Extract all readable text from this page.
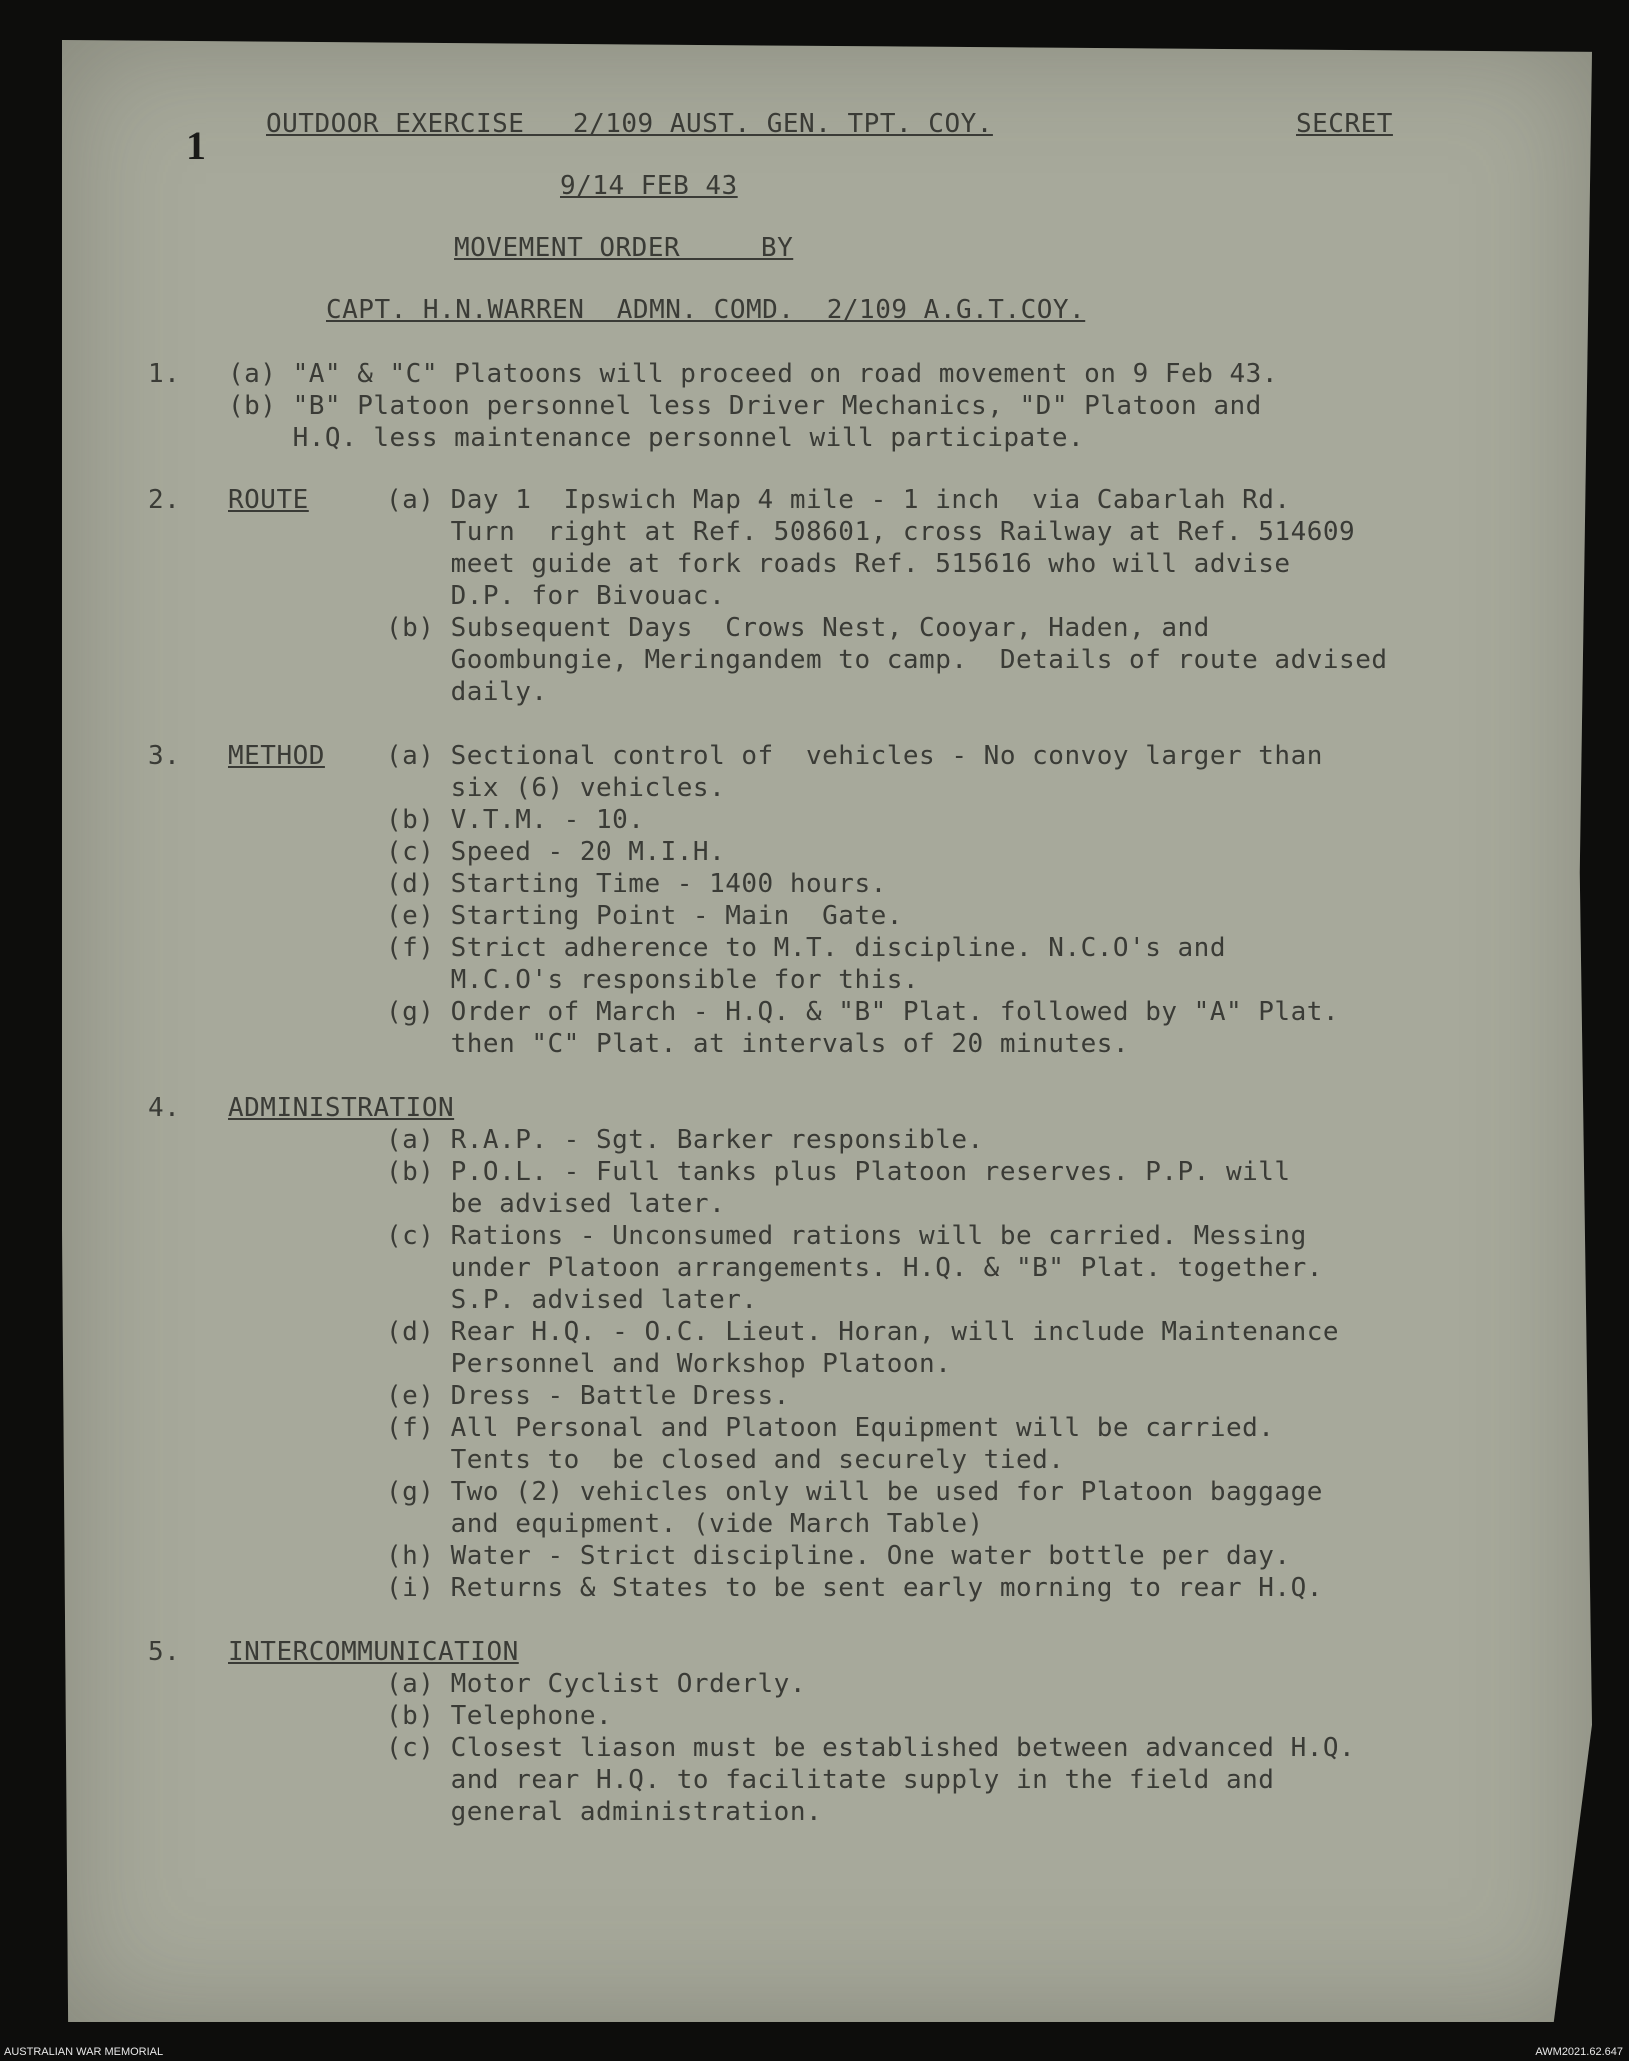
1 OUTDOOR EXERCISE   2/109 AUST. GEN. TPT. COY.	SECRET
9/14 FEB 43
MOVEMENT ORDER     BY
CAPT. H.N.WARREN  ADMN. COMD.  2/109 A.G.T.COY.
1. (a) "A" & "C" Platoons will proceed on road movement on 9 Feb 43.
(b) "B" Platoon personnel less Driver Mechanics, "D" Platoon and
H.Q. less maintenance personnel will participate.
2. ROUTE	(a) Day 1  Ipswich Map 4 mile - 1 inch  via Cabarlah Rd.
Turn  right at Ref. 508601, cross Railway at Ref. 514609
meet guide at fork roads Ref. 515616 who will advise
D.P. for Bivouac.
(b) Subsequent Days  Crows Nest, Cooyar, Haden, and
Goombungie, Meringandem to camp.  Details of route advised
daily.
3. METHOD (a) Sectional control of  vehicles - No convoy larger than
six (6) vehicles.
(b) V.T.M. - 10.
(c) Speed - 20 M.I.H.
(d) Starting Time - 1400 hours.
(e) Starting Point - Main  Gate.
(f) Strict adherence to M.T. discipline. N.C.O's and
M.C.O's responsible for this.
(g) Order of March - H.Q. & "B" Plat. followed by "A" Plat.
then "C" Plat. at intervals of 20 minutes.
4. ADMINISTRATION
(a) R.A.P. - Sgt. Barker responsible.
(b) P.O.L. - Full tanks plus Platoon reserves. P.P. will
be advised later.
(c) Rations - Unconsumed rations will be carried. Messing
under Platoon arrangements. H.Q. & "B" Plat. together.
S.P. advised later.
(d) Rear H.Q. - O.C. Lieut. Horan, will include Maintenance
Personnel and Workshop Platoon.
(e) Dress - Battle Dress.
(f) All Personal and Platoon Equipment will be carried.
Tents to  be closed and securely tied.
(g) Two (2) vehicles only will be used for Platoon baggage
and equipment. (vide March Table)
(h) Water - Strict discipline. One water bottle per day.
(i) Returns & States to be sent early morning to rear H.Q.
5. INTERCOMMUNICATION
(a) Motor Cyclist Orderly.
(b) Telephone.
(c) Closest liason must be established between advanced H.Q.
and rear H.Q. to facilitate supply in the field and
general administration.
AUSTRALIAN WAR MEMORIAL	AWM2021.62.647
